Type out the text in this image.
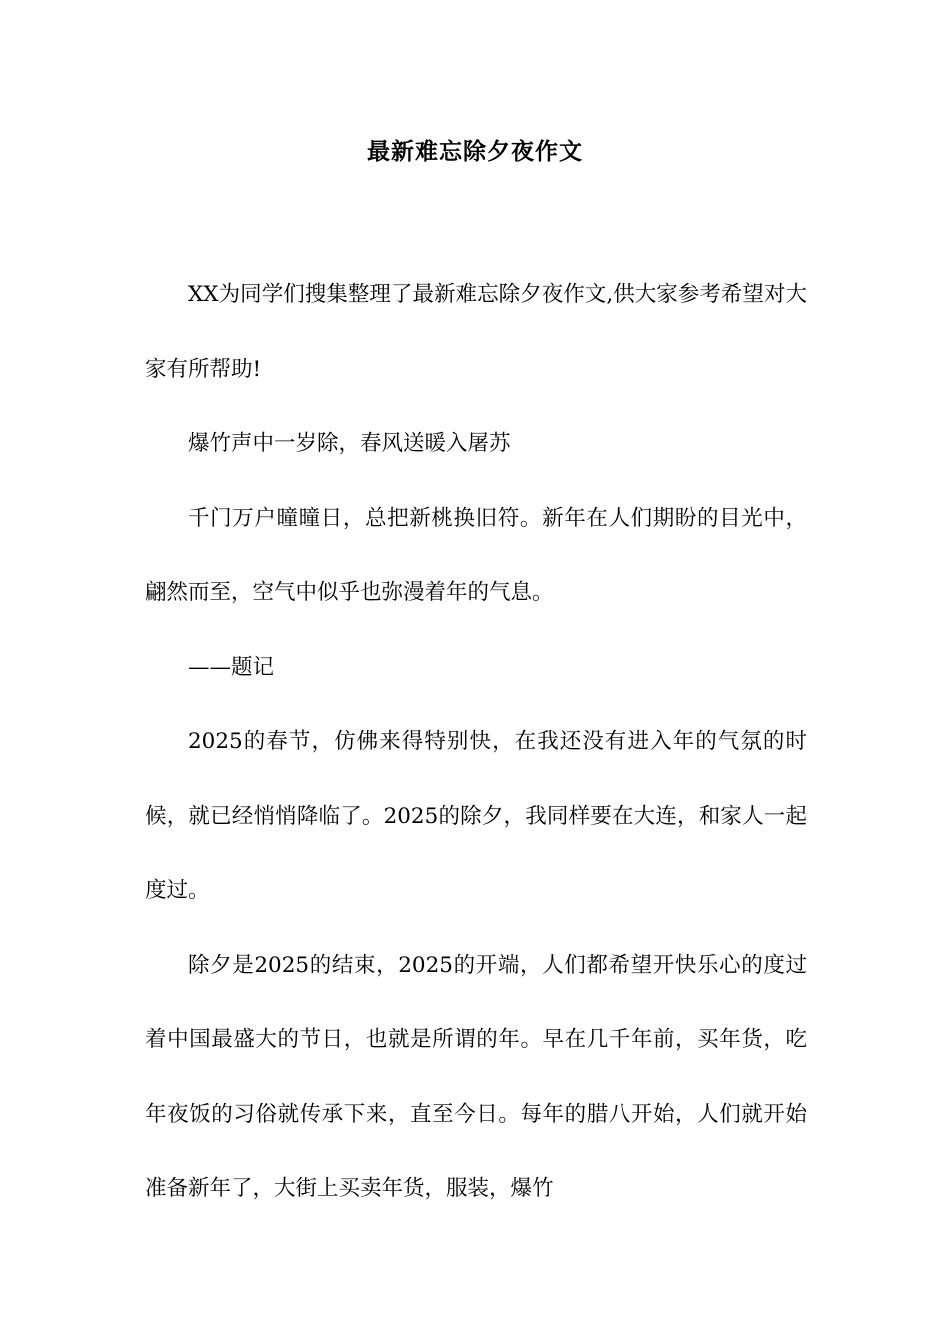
最新难忘除夕夜作文

XX为同学们搜集整理了最新难忘除夕夜作文,供大家参考希望对大家有所帮助!

爆竹声中一岁除，春风送暖入屠苏

千门万户曈曈日，总把新桃换旧符。新年在人们期盼的目光中，翩然而至，空气中似乎也弥漫着年的气息。

——题记

2025的春节，仿佛来得特别快，在我还没有进入年的气氛的时候，就已经悄悄降临了。2025的除夕，我同样要在大连，和家人一起度过。

除夕是2025的结束，2025的开端，人们都希望开快乐心的度过着中国最盛大的节日，也就是所谓的年。早在几千年前，买年货，吃年夜饭的习俗就传承下来，直至今日。每年的腊八开始，人们就开始准备新年了，大街上买卖年货，服装，爆竹
